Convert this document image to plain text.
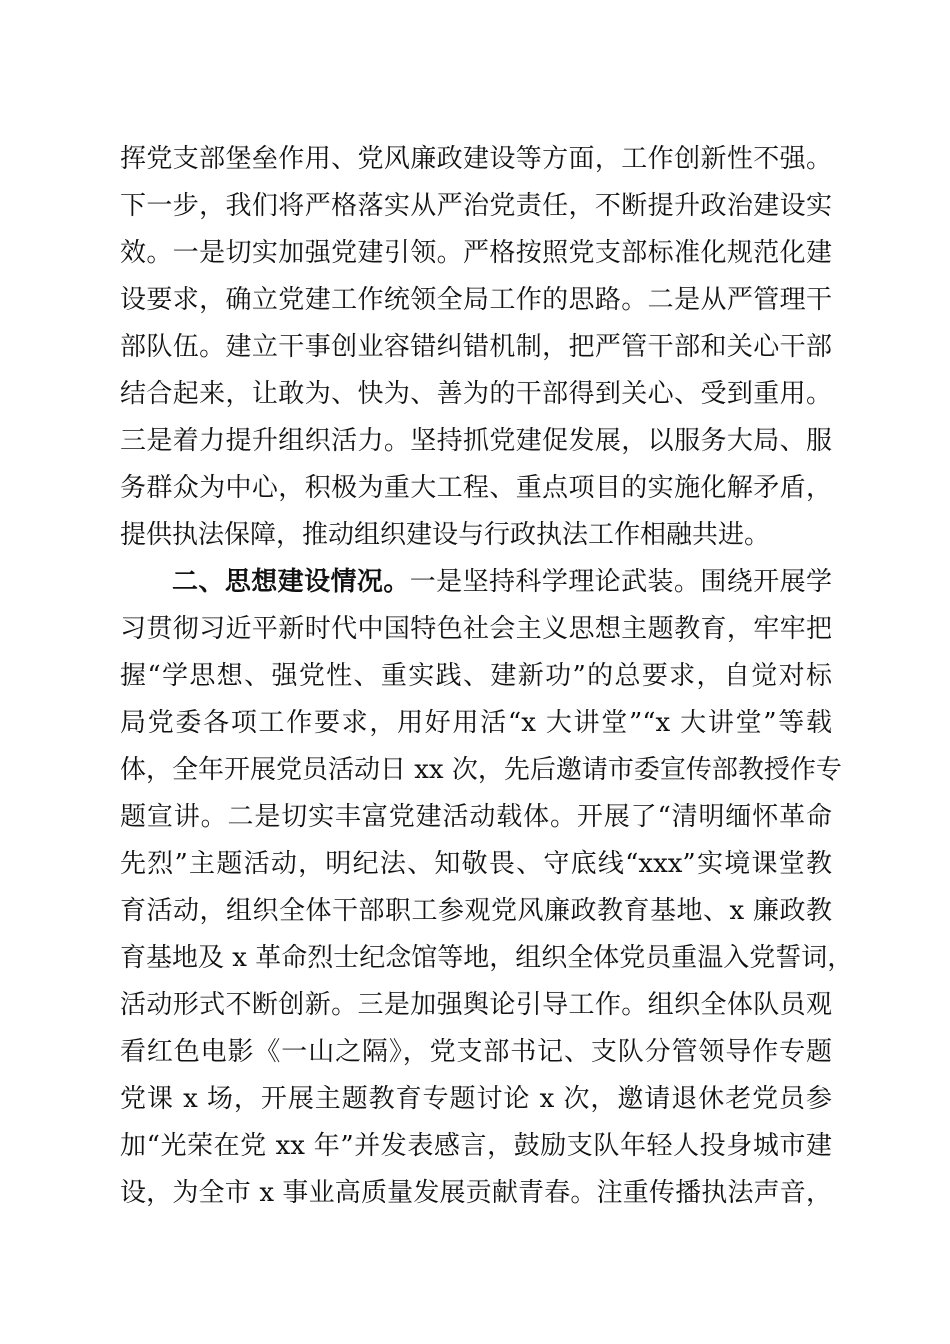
挥党支部堡垒作用、党风廉政建设等方面，工作创新性不强。
下一步，我们将严格落实从严治党责任，不断提升政治建设实
效。一是切实加强党建引领。严格按照党支部标准化规范化建
设要求，确立党建工作统领全局工作的思路。二是从严管理干
部队伍。建立干事创业容错纠错机制，把严管干部和关心干部
结合起来，让敢为、快为、善为的干部得到关心、受到重用。
三是着力提升组织活力。坚持抓党建促发展，以服务大局、服
务群众为中心，积极为重大工程、重点项目的实施化解矛盾，
提供执法保障，推动组织建设与行政执法工作相融共进。
二、思想建设情况。一是坚持科学理论武装。围绕开展学
习贯彻习近平新时代中国特色社会主义思想主题教育，牢牢把
握“学思想、强党性、重实践、建新功”的总要求，自觉对标
局党委各项工作要求，用好用活“x 大讲堂”“x 大讲堂”等载
体，全年开展党员活动日 xx 次，先后邀请市委宣传部教授作专
题宣讲。二是切实丰富党建活动载体。开展了“清明缅怀革命
先烈”主题活动，明纪法、知敬畏、守底线“xxx”实境课堂教
育活动，组织全体干部职工参观党风廉政教育基地、x 廉政教
育基地及 x 革命烈士纪念馆等地，组织全体党员重温入党誓词，
活动形式不断创新。三是加强舆论引导工作。组织全体队员观
看红色电影《一山之隔》，党支部书记、支队分管领导作专题
党课 x 场，开展主题教育专题讨论 x 次，邀请退休老党员参
加“光荣在党 xx 年”并发表感言，鼓励支队年轻人投身城市建
设，为全市 x 事业高质量发展贡献青春。注重传播执法声音，
